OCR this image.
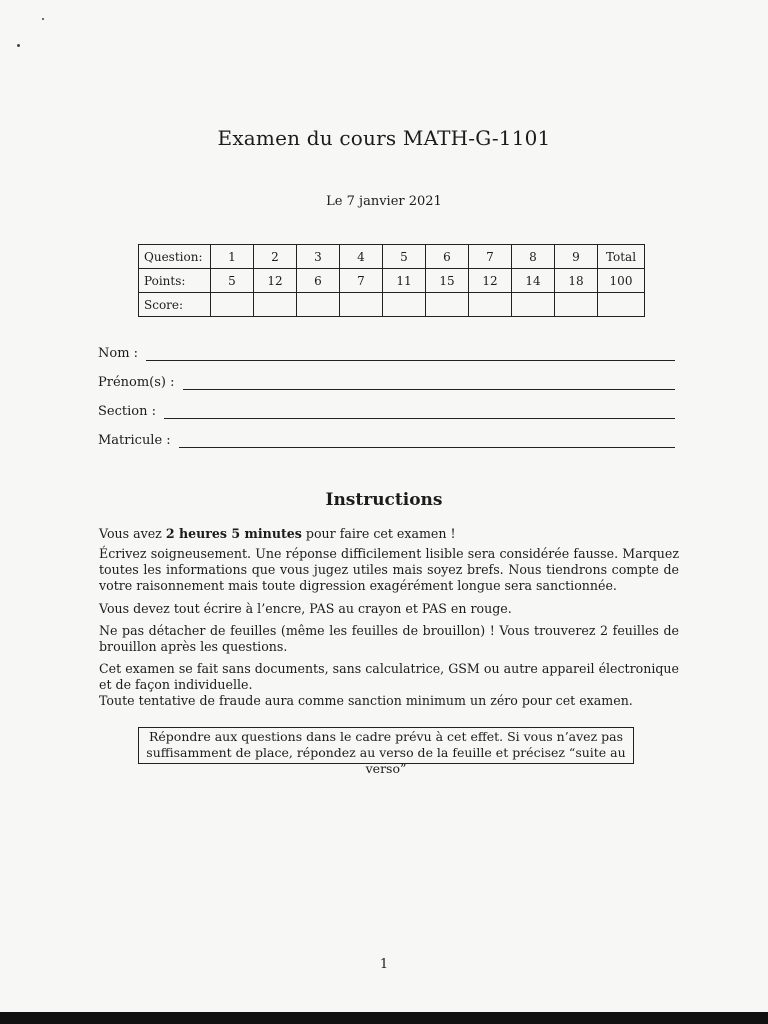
Examen du cours MATH-G-1101
Le 7 janvier 2021
Question:	1	2	3	4	5	6	7	8	9	Total
Points:	5	12	6	7	11	15	12	14	18	100
Score:										
Nom :
Prénom(s) :
Section :
Matricule :
Instructions
Vous avez 2 heures 5 minutes pour faire cet examen !
Écrivez soigneusement. Une réponse difficilement lisible sera considérée fausse. Marquez toutes les informations que vous jugez utiles mais soyez brefs. Nous tiendrons compte de votre raisonnement mais toute digression exagérément longue sera sanctionnée.
Vous devez tout écrire à l’encre, PAS au crayon et PAS en rouge.
Ne pas détacher de feuilles (même les feuilles de brouillon) ! Vous trouverez 2 feuilles de brouillon après les questions.
Cet examen se fait sans documents, sans calculatrice, GSM ou autre appareil électronique et de façon individuelle.
Toute tentative de fraude aura comme sanction minimum un zéro pour cet examen.
Répondre aux questions dans le cadre prévu à cet effet. Si vous n’avez pas
suffisamment de place, répondez au verso de la feuille et précisez “suite au verso”
1
